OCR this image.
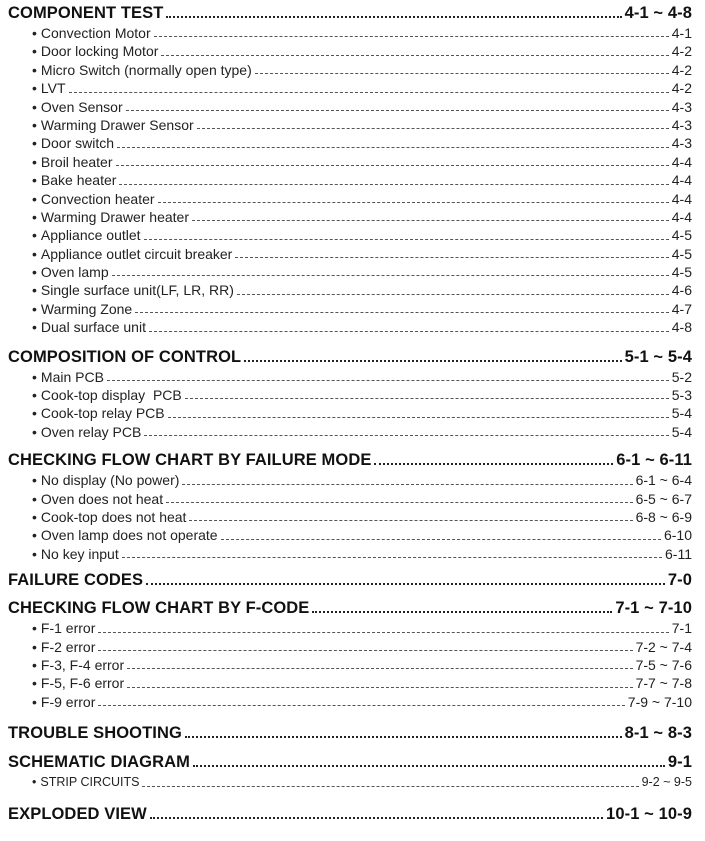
COMPONENT TEST	4-1 ~ 4-8
• Convection Motor	4-1
• Door locking Motor	4-2
• Micro Switch (normally open type)	4-2
• LVT	4-2
• Oven Sensor	4-3
• Warming Drawer Sensor	4-3
• Door switch	4-3
• Broil heater	4-4
• Bake heater	4-4
• Convection heater	4-4
• Warming Drawer heater	4-4
• Appliance outlet	4-5
• Appliance outlet circuit breaker	4-5
• Oven lamp	4-5
• Single surface unit(LF, LR, RR)	4-6
• Warming Zone	4-7
• Dual surface unit	4-8
COMPOSITION OF CONTROL	5-1 ~ 5-4
• Main PCB	5-2
• Cook-top display  PCB	5-3
• Cook-top relay PCB	5-4
• Oven relay PCB	5-4
CHECKING FLOW CHART BY FAILURE MODE	6-1 ~ 6-11
• No display (No power)	6-1 ~ 6-4
• Oven does not heat	6-5 ~ 6-7
• Cook-top does not heat	6-8 ~ 6-9
• Oven lamp does not operate	6-10
• No key input	6-11
FAILURE CODES	7-0
CHECKING FLOW CHART BY F-CODE	7-1 ~ 7-10
• F-1 error	7-1
• F-2 error	7-2 ~ 7-4
• F-3, F-4 error	7-5 ~ 7-6
• F-5, F-6 error	7-7 ~ 7-8
• F-9 error	7-9 ~ 7-10
TROUBLE SHOOTING	8-1 ~ 8-3
SCHEMATIC DIAGRAM	9-1
• STRIP CIRCUITS	9-2 ~ 9-5
EXPLODED VIEW	10-1 ~ 10-9
